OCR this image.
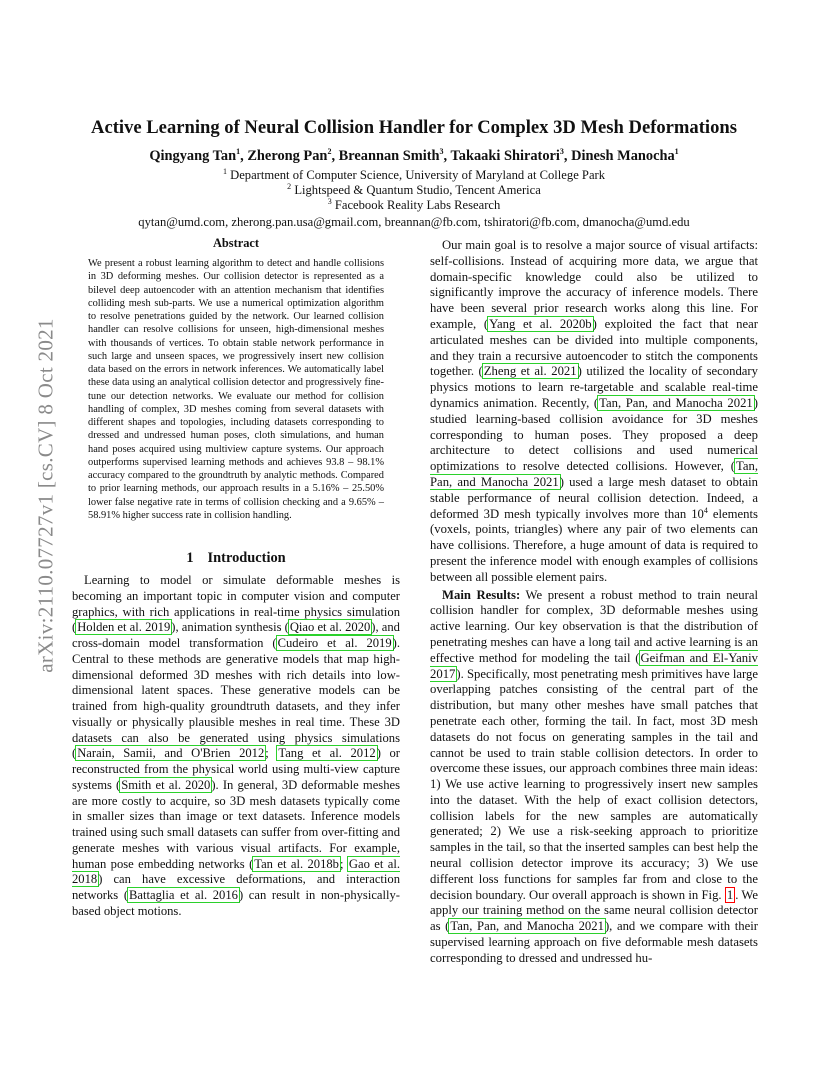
arXiv:2110.07727v1 [cs.CV] 8 Oct 2021
Active Learning of Neural Collision Handler for Complex 3D Mesh Deformations
Qingyang Tan$^1$, Zherong Pan$^2$, Breannan Smith$^3$, Takaaki Shiratori$^3$, Dinesh Manocha$^1$
$^1$ Department of Computer Science, University of Maryland at College Park
$^2$ Lightspeed & Quantum Studio, Tencent America
$^3$ Facebook Reality Labs Research
qytan@umd.com, zherong.pan.usa@gmail.com, breannan@fb.com, tshiratori@fb.com, dmanocha@umd.edu
Abstract

We present a robust learning algorithm to detect and handle collisions in 3D deforming meshes. Our collision detector is represented as a bilevel deep autoencoder with an attention mechanism that identifies colliding mesh sub-parts. We use a numerical optimization algorithm to resolve penetrations guided by the network. Our learned collision handler can resolve collisions for unseen, high-dimensional meshes with thousands of vertices. To obtain stable network performance in such large and unseen spaces, we progressively insert new collision data based on the errors in network inferences. We automatically label these data using an analytical collision detector and progressively fine-tune our detection networks. We evaluate our method for collision handling of complex, 3D meshes coming from several datasets with different shapes and topologies, including datasets corresponding to dressed and undressed human poses, cloth simulations, and human hand poses acquired using multiview capture systems. Our approach outperforms supervised learning methods and achieves 93.8 – 98.1% accuracy compared to the groundtruth by analytic methods. Compared to prior learning methods, our approach results in a 5.16% – 25.50% lower false negative rate in terms of collision checking and a 9.65% – 58.91% higher success rate in collision handling.

1 Introduction

Learning to model or simulate deformable meshes is becoming an important topic in computer vision and computer graphics, with rich applications in real-time physics simulation (Holden et al. 2019), animation synthesis (Qiao et al. 2020), and cross-domain model transformation (Cudeiro et al. 2019). Central to these methods are generative models that map high-dimensional deformed 3D meshes with rich details into low-dimensional latent spaces. These generative models can be trained from high-quality groundtruth datasets, and they infer visually or physically plausible meshes in real time. These 3D datasets can also be generated using physics simulations (Narain, Samii, and O'Brien 2012; Tang et al. 2012) or reconstructed from the physical world using multi-view capture systems (Smith et al. 2020). In general, 3D deformable meshes are more costly to acquire, so 3D mesh datasets typically come in smaller sizes than image or text datasets. Inference models trained using such small datasets can suffer from over-fitting and generate meshes with various visual artifacts. For example, human pose embedding networks (Tan et al. 2018b; Gao et al. 2018) can have excessive deformations, and interaction networks (Battaglia et al. 2016) can result in non-physically-based object motions.

Our main goal is to resolve a major source of visual artifacts: self-collisions. Instead of acquiring more data, we argue that domain-specific knowledge could also be utilized to significantly improve the accuracy of inference models. There have been several prior research works along this line. For example, (Yang et al. 2020b) exploited the fact that near articulated meshes can be divided into multiple components, and they train a recursive autoencoder to stitch the components together. (Zheng et al. 2021) utilized the locality of secondary physics motions to learn re-targetable and scalable real-time dynamics animation. Recently, (Tan, Pan, and Manocha 2021) studied learning-based collision avoidance for 3D meshes corresponding to human poses. They proposed a deep architecture to detect collisions and used numerical optimizations to resolve detected collisions. However, (Tan, Pan, and Manocha 2021) used a large mesh dataset to obtain stable performance of neural collision detection. Indeed, a deformed 3D mesh typically involves more than $10^4$ elements (voxels, points, triangles) where any pair of two elements can have collisions. Therefore, a huge amount of data is required to present the inference model with enough examples of collisions between all possible element pairs.

Main Results: We present a robust method to train neural collision handler for complex, 3D deformable meshes using active learning. Our key observation is that the distribution of penetrating meshes can have a long tail and active learning is an effective method for modeling the tail (Geifman and El-Yaniv 2017). Specifically, most penetrating mesh primitives have large overlapping patches consisting of the central part of the distribution, but many other meshes have small patches that penetrate each other, forming the tail. In fact, most 3D mesh datasets do not focus on generating samples in the tail and cannot be used to train stable collision detectors. In order to overcome these issues, our approach combines three main ideas: 1) We use active learning to progressively insert new samples into the dataset. With the help of exact collision detectors, collision labels for the new samples are automatically generated; 2) We use a risk-seeking approach to prioritize samples in the tail, so that the inserted samples can best help the neural collision detector improve its accuracy; 3) We use different loss functions for samples far from and close to the decision boundary. Our overall approach is shown in Fig. 1 . We apply our training method on the same neural collision detector as (Tan, Pan, and Manocha 2021), and we compare with their supervised learning approach on five deformable mesh datasets corresponding to dressed and undressed hu-
